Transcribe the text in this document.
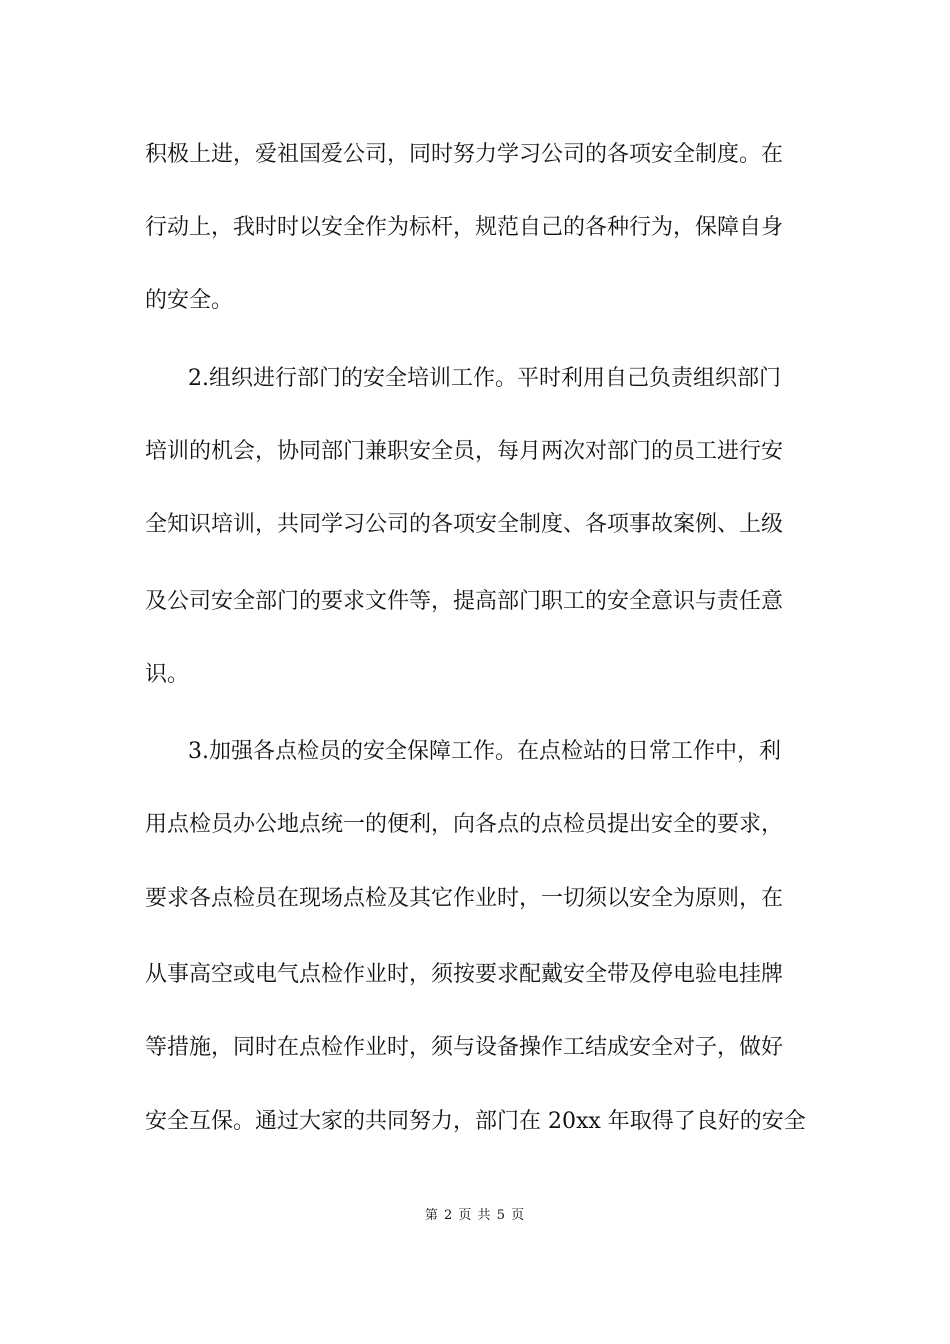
积极上进，爱祖国爱公司，同时努力学习公司的各项安全制度。在
行动上，我时时以安全作为标杆，规范自己的各种行为，保障自身
的安全。
2.组织进行部门的安全培训工作。平时利用自己负责组织部门
培训的机会，协同部门兼职安全员，每月两次对部门的员工进行安
全知识培训，共同学习公司的各项安全制度、各项事故案例、上级
及公司安全部门的要求文件等，提高部门职工的安全意识与责任意
识。
3.加强各点检员的安全保障工作。在点检站的日常工作中，利
用点检员办公地点统一的便利，向各点的点检员提出安全的要求，
要求各点检员在现场点检及其它作业时，一切须以安全为原则，在
从事高空或电气点检作业时，须按要求配戴安全带及停电验电挂牌
等措施，同时在点检作业时，须与设备操作工结成安全对子，做好
安全互保。通过大家的共同努力，部门在 20xx 年取得了良好的安全
第 2 页 共 5 页
